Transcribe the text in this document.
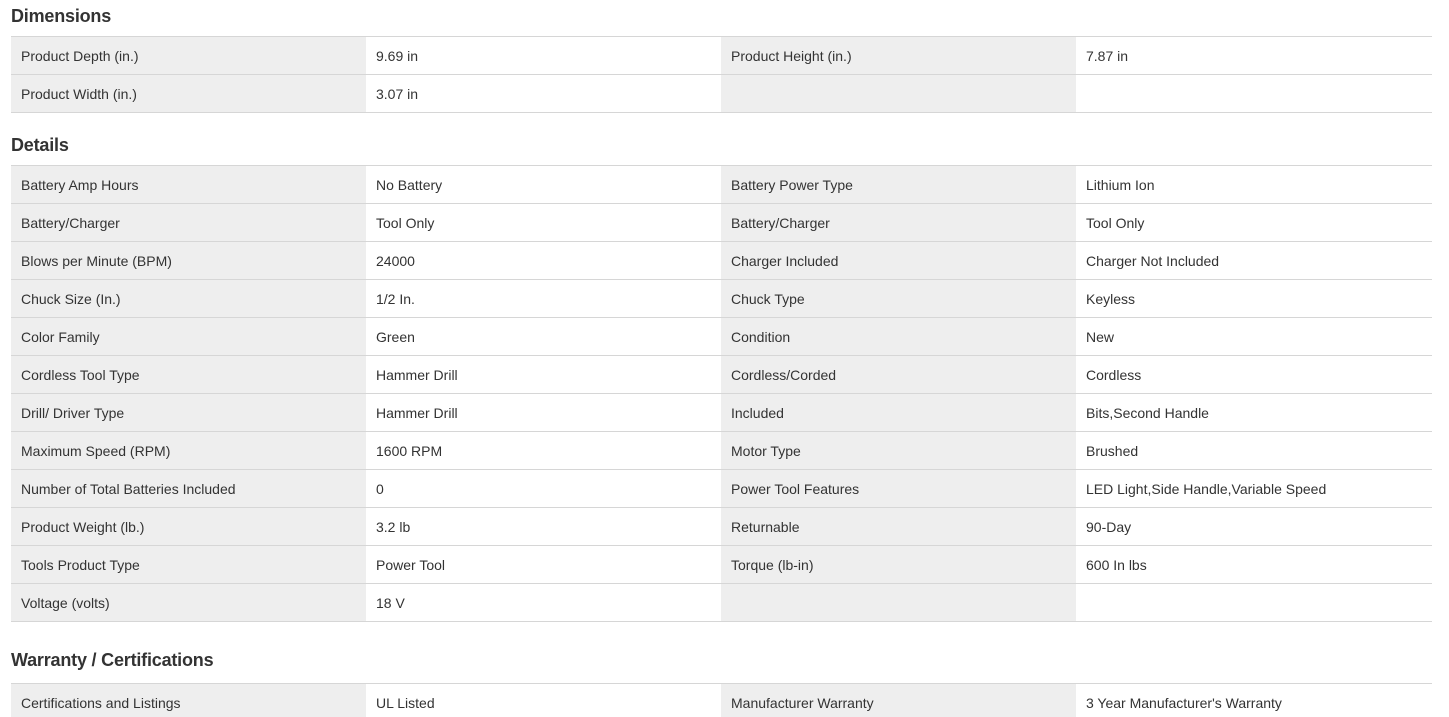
Dimensions
Product Depth (in.)	9.69 in	Product Height (in.)	7.87 in
Product Width (in.)	3.07 in		
Details
Battery Amp Hours	No Battery	Battery Power Type	Lithium Ion
Battery/Charger	Tool Only	Battery/Charger	Tool Only
Blows per Minute (BPM)	24000	Charger Included	Charger Not Included
Chuck Size (In.)	1/2 In.	Chuck Type	Keyless
Color Family	Green	Condition	New
Cordless Tool Type	Hammer Drill	Cordless/Corded	Cordless
Drill/ Driver Type	Hammer Drill	Included	Bits,Second Handle
Maximum Speed (RPM)	1600 RPM	Motor Type	Brushed
Number of Total Batteries Included	0	Power Tool Features	LED Light,Side Handle,Variable Speed
Product Weight (lb.)	3.2 lb	Returnable	90-Day
Tools Product Type	Power Tool	Torque (lb-in)	600 In lbs
Voltage (volts)	18 V		
Warranty / Certifications
Certifications and Listings	UL Listed	Manufacturer Warranty	3 Year Manufacturer's Warranty
